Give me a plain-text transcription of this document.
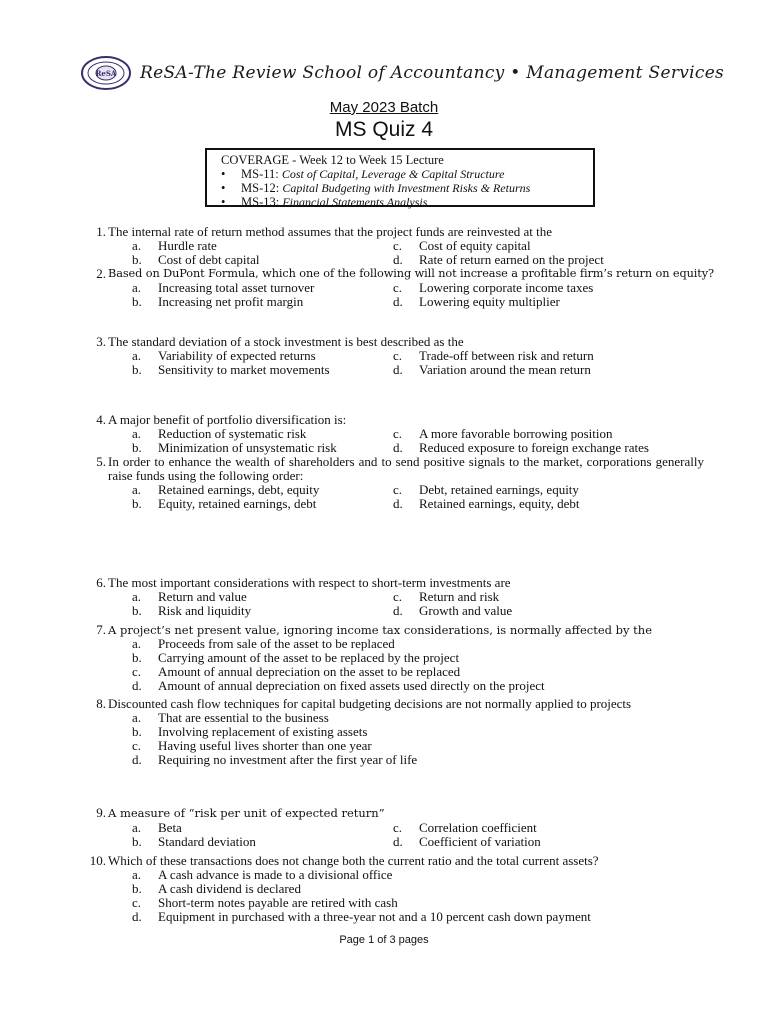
ReSA ReSA-The Review School of Accountancy • Management Services
May 2023 Batch
MS Quiz 4
COVERAGE - Week 12 to Week 15 Lecture
•	MS-11: Cost of Capital, Leverage & Capital Structure
•	MS-12: Capital Budgeting with Investment Risks & Returns
•	MS-13: Financial Statements Analysis
1. The internal rate of return method assumes that the project funds are reinvested at the
a. Hurdle rate
b. Cost of debt capital
c. Cost of equity capital
d. Rate of return earned on the project
2. Based on DuPont Formula, which one of the following will not increase a profitable firm’s return on equity?
a. Increasing total asset turnover
b. Increasing net profit margin
c. Lowering corporate income taxes
d. Lowering equity multiplier
3. The standard deviation of a stock investment is best described as the
a. Variability of expected returns
b. Sensitivity to market movements
c. Trade-off between risk and return
d. Variation around the mean return
4. A major benefit of portfolio diversification is:
a. Reduction of systematic risk
b. Minimization of unsystematic risk
c. A more favorable borrowing position
d. Reduced exposure to foreign exchange rates
5. In order to enhance the wealth of shareholders and to send positive signals to the market, corporations generally raise funds using the following order:
a. Retained earnings, debt, equity
b. Equity, retained earnings, debt
c. Debt, retained earnings, equity
d. Retained earnings, equity, debt
6. The most important considerations with respect to short-term investments are
a. Return and value
b. Risk and liquidity
c. Return and risk
d. Growth and value
7. A project’s net present value, ignoring income tax considerations, is normally affected by the
a. Proceeds from sale of the asset to be replaced
b. Carrying amount of the asset to be replaced by the project
c. Amount of annual depreciation on the asset to be replaced
d. Amount of annual depreciation on fixed assets used directly on the project
8. Discounted cash flow techniques for capital budgeting decisions are not normally applied to projects
a. That are essential to the business
b. Involving replacement of existing assets
c. Having useful lives shorter than one year
d. Requiring no investment after the first year of life
9. A measure of “risk per unit of expected return”
a. Beta
b. Standard deviation
c. Correlation coefficient
d. Coefficient of variation
10. Which of these transactions does not change both the current ratio and the total current assets?
a. A cash advance is made to a divisional office
b. A cash dividend is declared
c. Short-term notes payable are retired with cash
d. Equipment in purchased with a three-year not and a 10 percent cash down payment
Page 1 of 3 pages
